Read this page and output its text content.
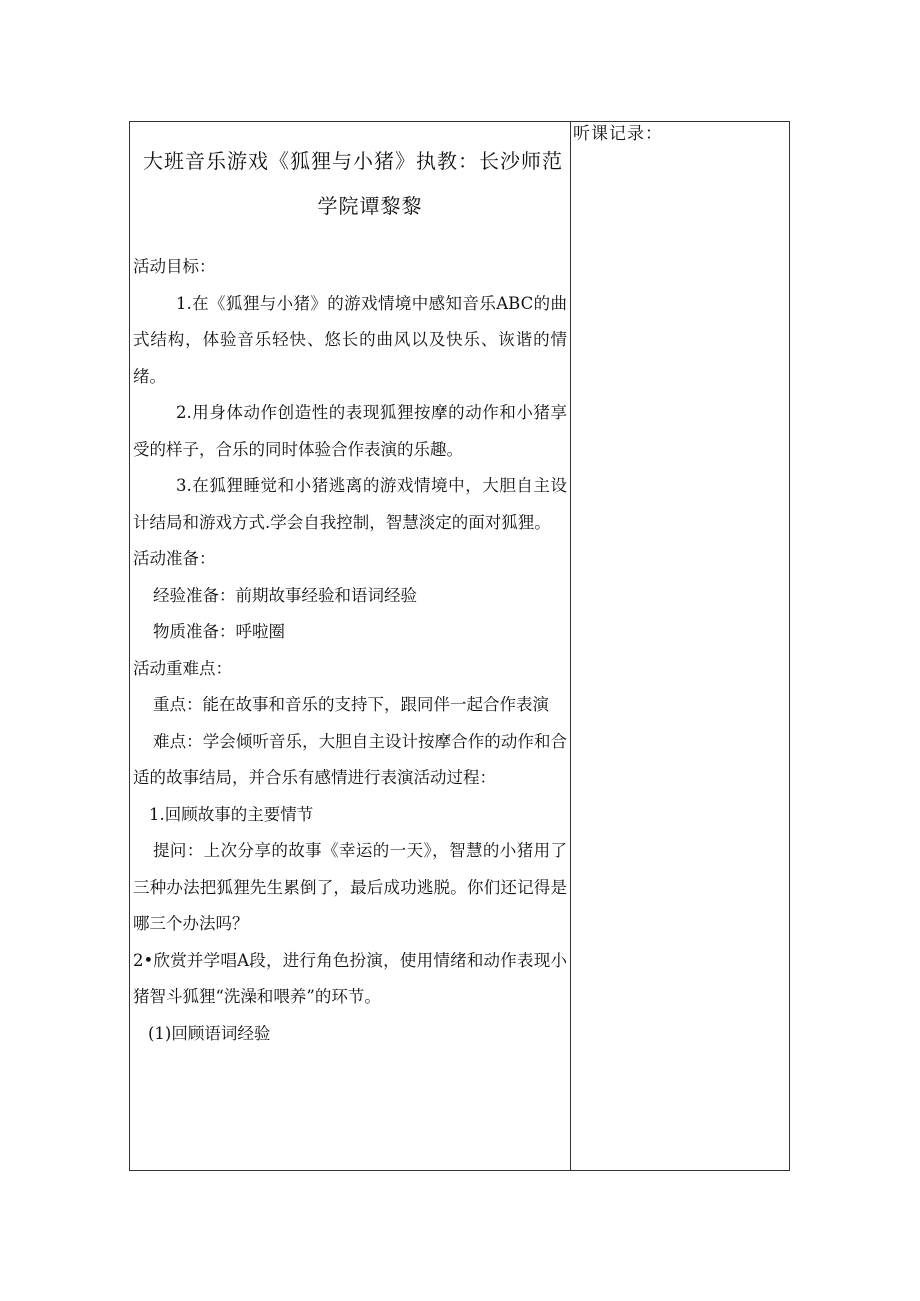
大班音乐游戏《狐狸与小猪》执教：长沙师范
学院谭黎黎

活动目标：

1.在《狐狸与小猪》的游戏情境中感知音乐ABC的曲式结构，体验音乐轻快、悠长的曲风以及快乐、诙谐的情绪。

2.用身体动作创造性的表现狐狸按摩的动作和小猪享受的样子，合乐的同时体验合作表演的乐趣。

3.在狐狸睡觉和小猪逃离的游戏情境中，大胆自主设计结局和游戏方式.学会自我控制，智慧淡定的面对狐狸。

活动准备：

经验准备：前期故事经验和语词经验

物质准备：呼啦圈

活动重难点：

重点：能在故事和音乐的支持下，跟同伴一起合作表演

难点：学会倾听音乐，大胆自主设计按摩合作的动作和合适的故事结局，并合乐有感情进行表演活动过程：

1.回顾故事的主要情节

提问：上次分享的故事《幸运的一天》，智慧的小猪用了三种办法把狐狸先生累倒了，最后成功逃脱。你们还记得是哪三个办法吗？

2•欣赏并学唱A段，进行角色扮演，使用情绪和动作表现小猪智斗狐狸“洗澡和喂养”的环节。

(1)回顾语词经验

听课记录：
